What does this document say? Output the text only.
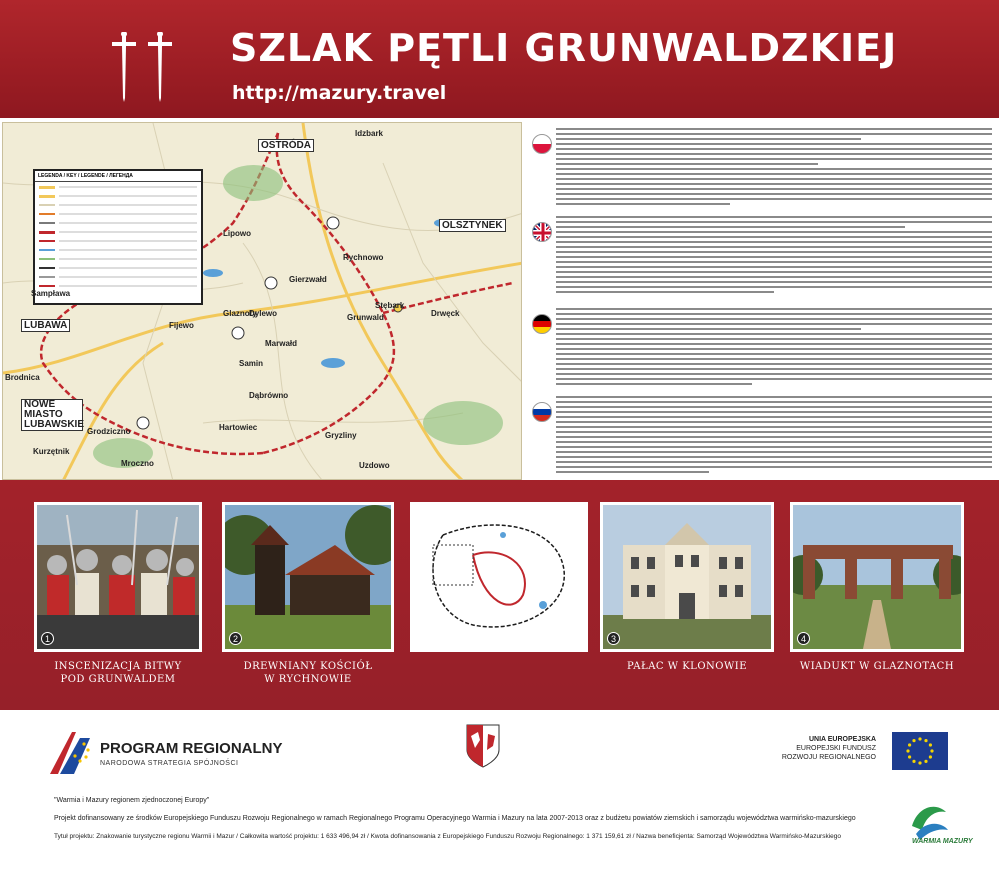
SZLAK PĘTLI GRUNWALDZKIEJ
http://mazury.travel
LEGENDA / KEY / LEGENDE / ЛЕГЕНДА
OSTRÓDA
OLSZTYNEK
LUBAWA
NOWE MIASTO LUBAWSKIE
Idzbark
Rychnowo
Grunwald
Stębark
Gierzwałd
Dylewo
Marwałd
Samin
Glaznoty	Drwęck
Fijewo
Sampława
Brodnica
Kurzętnik
Dąbrówno
Uzdowo
Mroczno
Grodziczno
Lipowo
Hartowiec
Gryzliny
1	2	3	4
INSCENIZACJA BITWY
POD GRUNWALDEM
DREWNIANY KOŚCIÓŁ
W RYCHNOWIE
PAŁAC W KLONOWIE	WIADUKT W GLAZNOTACH
PROGRAM REGIONALNY
NARODOWA STRATEGIA SPÓJNOŚCI
UNIA EUROPEJSKA
EUROPEJSKI FUNDUSZ
ROZWOJU REGIONALNEGO
"Warmia i Mazury regionem zjednoczonej Europy"
Projekt dofinansowany ze środków Europejskiego Funduszu Rozwoju Regionalnego w ramach Regionalnego Programu Operacyjnego Warmia i Mazury na lata 2007-2013 oraz z budżetu powiatów ziemskich i samorządu województwa warmińsko-mazurskiego
Tytuł projektu: Znakowanie turystyczne regionu Warmii i Mazur / Całkowita wartość projektu: 1 633 496,94 zł / Kwota dofinansowania z Europejskiego Funduszu Rozwoju Regionalnego: 1 371 159,61 zł / Nazwa beneficjenta: Samorząd Województwa Warmińsko-Mazurskiego
WARMIA MAZURY
